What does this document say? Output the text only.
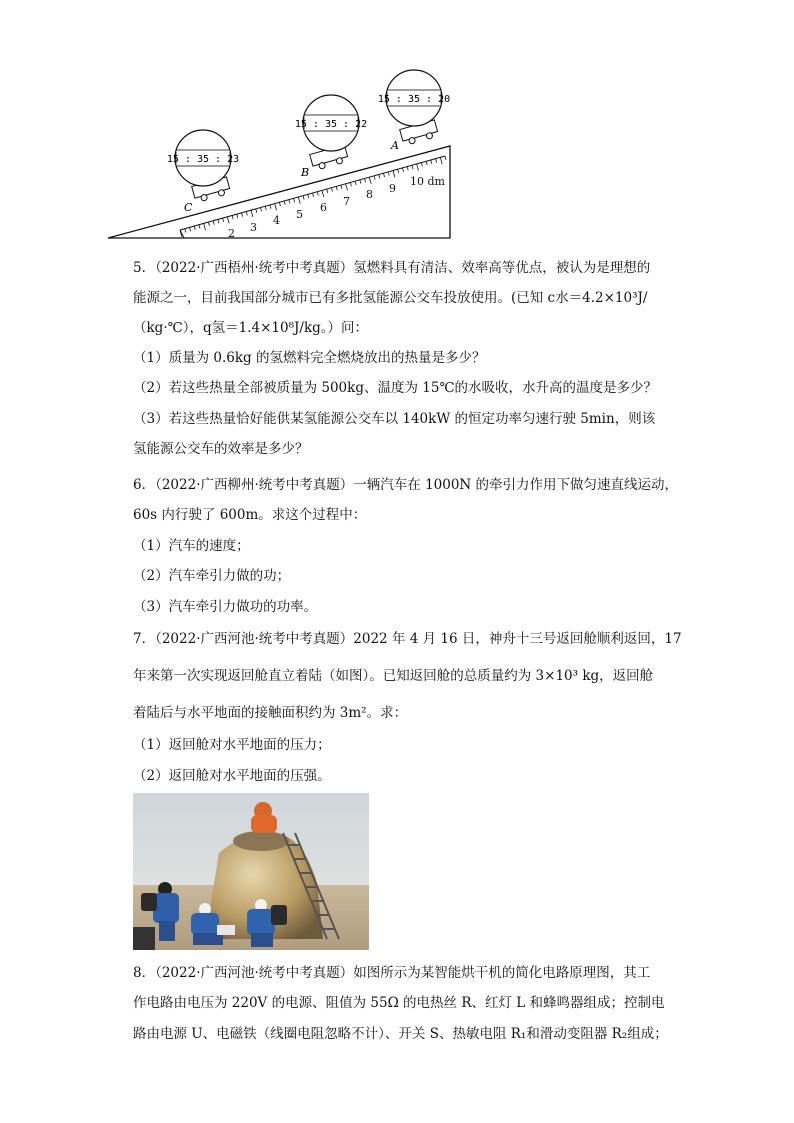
2 3
4 5
6 7
8 9
10 dm
C
15 : 35 : 23
B
15 : 35 : 22
A
15 : 35 : 20
5．（2022·广西梧州·统考中考真题）氢燃料具有清洁、效率高等优点，被认为是理想的
能源之一，目前我国部分城市已有多批氢能源公交车投放使用。(已知 c水＝4.2×10³J/
（kg·℃），q氢＝1.4×10⁸J/kg。）问：
（1）质量为 0.6kg 的氢燃料完全燃烧放出的热量是多少？
（2）若这些热量全部被质量为 500kg、温度为 15℃的水吸收，水升高的温度是多少？
（3）若这些热量恰好能供某氢能源公交车以 140kW 的恒定功率匀速行驶 5min，则该
氢能源公交车的效率是多少？
6．（2022·广西柳州·统考中考真题）一辆汽车在 1000N 的牵引力作用下做匀速直线运动，
60s 内行驶了 600m。求这个过程中：
（1）汽车的速度；
（2）汽车牵引力做的功；
（3）汽车牵引力做功的功率。
7．（2022·广西河池·统考中考真题）2022 年 4 月 16 日，神舟十三号返回舱顺利返回，17
年来第一次实现返回舱直立着陆（如图）。已知返回舱的总质量约为 3×10³ kg，返回舱
着陆后与水平地面的接触面积约为 3m²。求：
（1）返回舱对水平地面的压力；
（2）返回舱对水平地面的压强。
8．（2022·广西河池·统考中考真题）如图所示为某智能烘干机的简化电路原理图，其工
作电路由电压为 220V 的电源、阻值为 55Ω 的电热丝 R、红灯 L 和蜂鸣器组成；控制电
路由电源 U、电磁铁（线圈电阻忽略不计）、开关 S、热敏电阻 R₁和滑动变阻器 R₂组成；
